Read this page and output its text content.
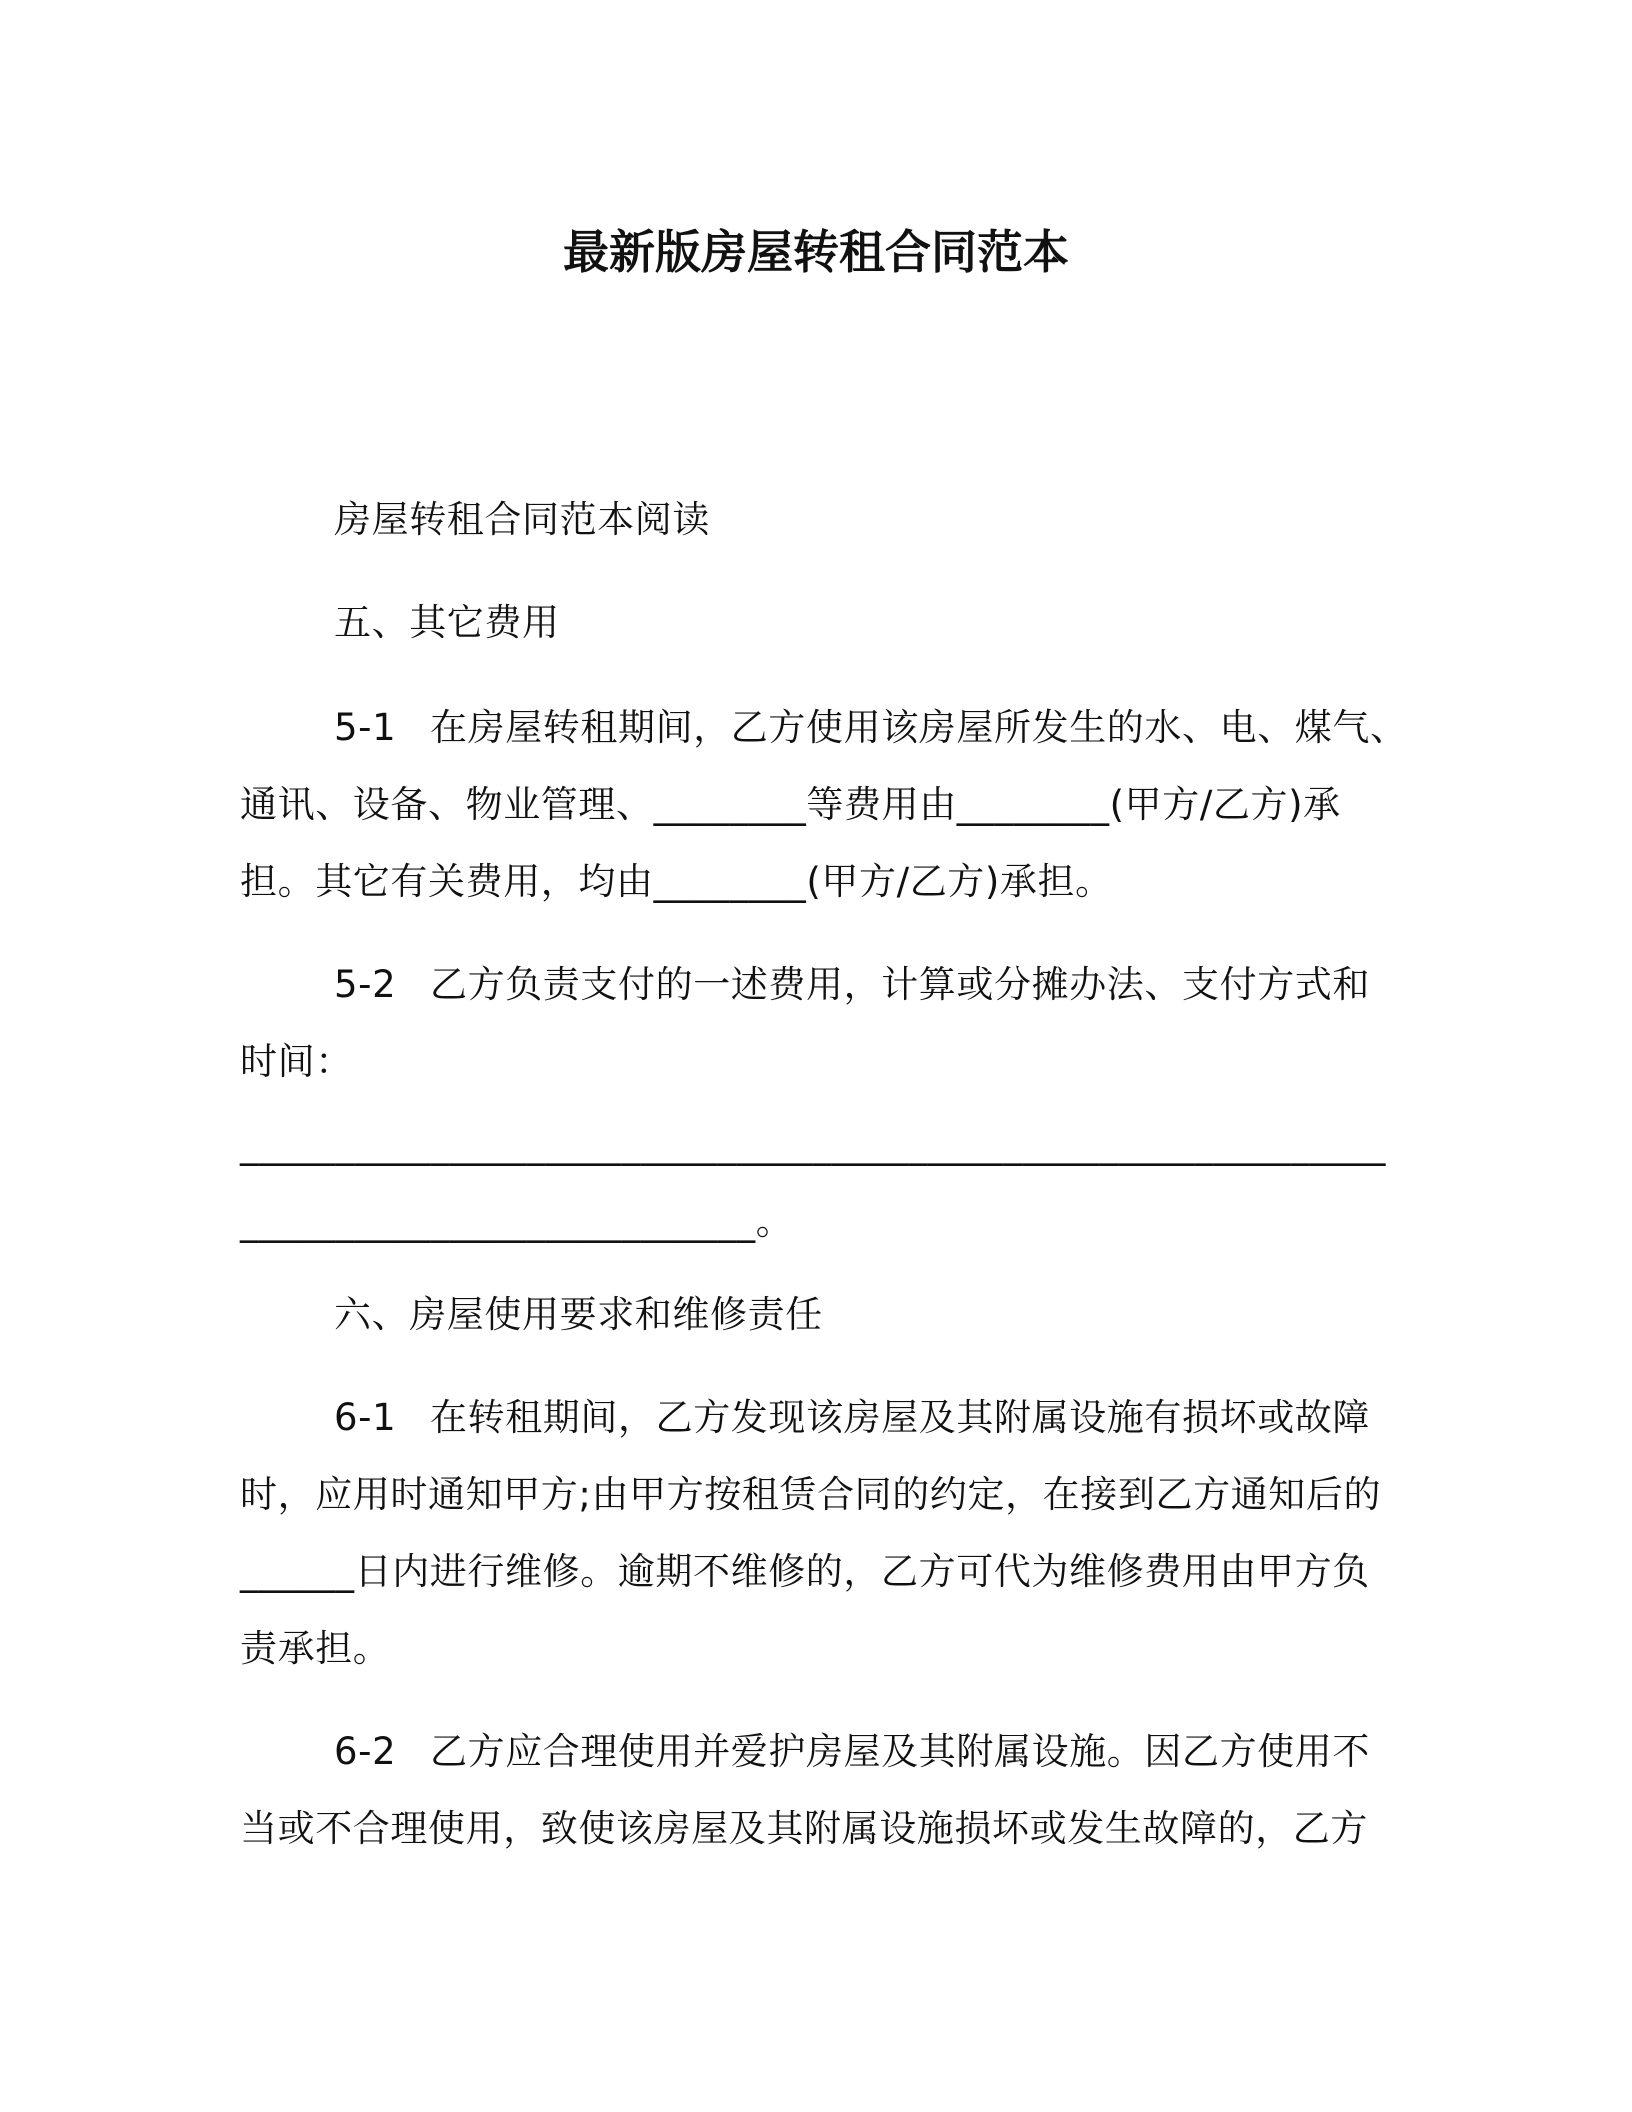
最新版房屋转租合同范本
房屋转租合同范本阅读
五、其它费用
5-1 在房屋转租期间，乙方使用该房屋所发生的水、电、煤气、
通讯、设备、物业管理、________等费用由________(甲方/乙方)承
担。其它有关费用，均由________(甲方/乙方)承担。
5-2 乙方负责支付的一述费用，计算或分摊办法、支付方式和
时间：
____________________________________________________________
___________________________。
六、房屋使用要求和维修责任
6-1 在转租期间，乙方发现该房屋及其附属设施有损坏或故障
时，应用时通知甲方;由甲方按租赁合同的约定，在接到乙方通知后的
______日内进行维修。逾期不维修的，乙方可代为维修费用由甲方负
责承担。
6-2 乙方应合理使用并爱护房屋及其附属设施。因乙方使用不
当或不合理使用，致使该房屋及其附属设施损坏或发生故障的，乙方
